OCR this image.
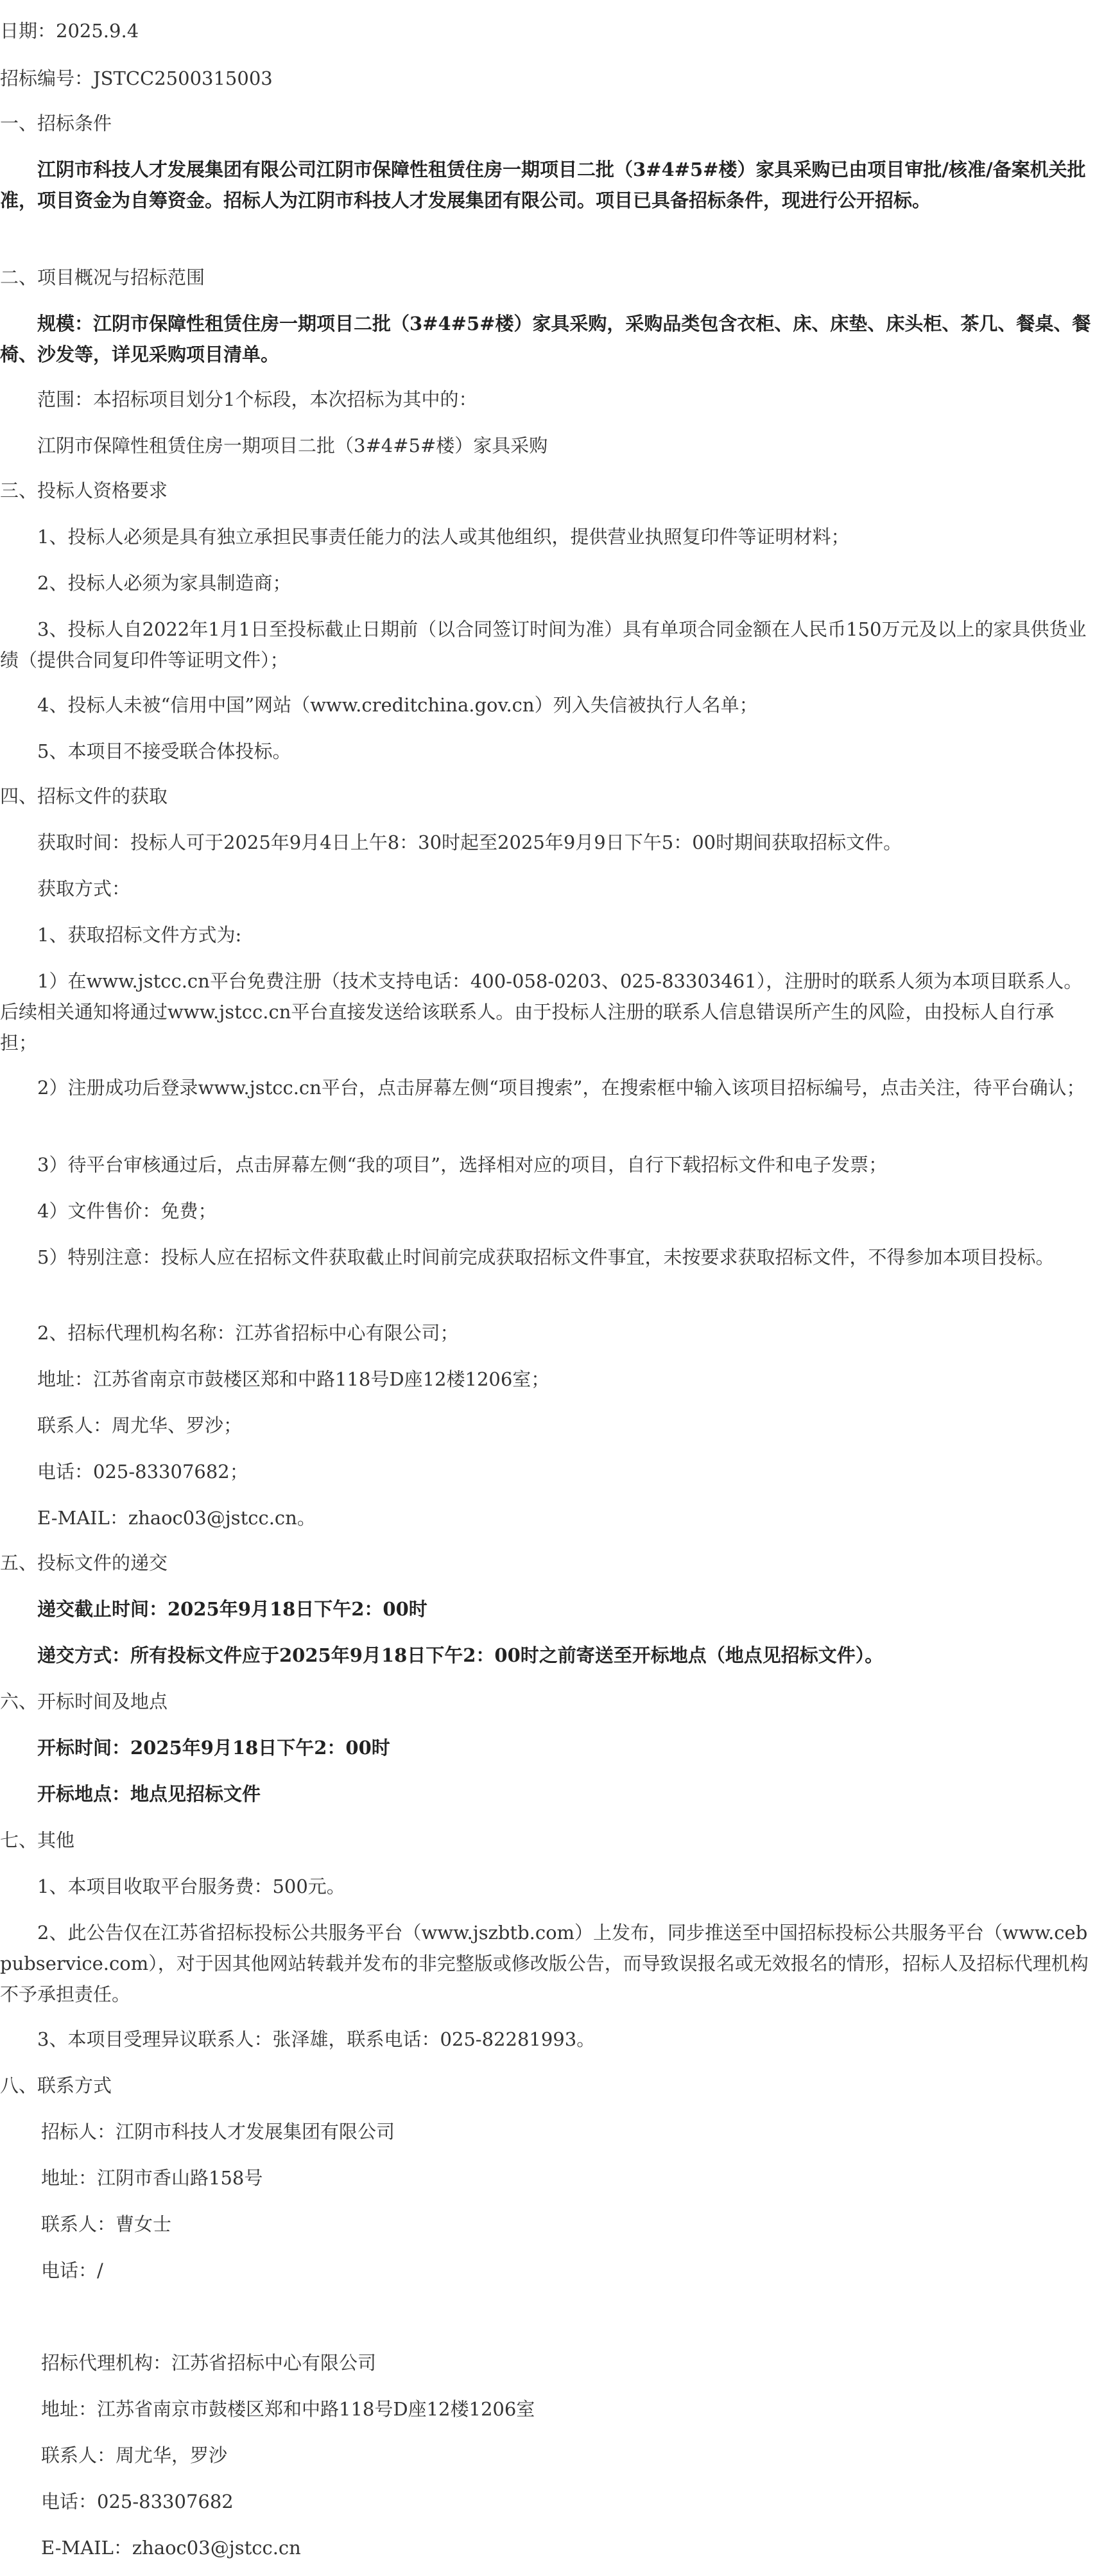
日期：2025.9.4

招标编号：JSTCC2500315003

一、招标条件

江阴市科技人才发展集团有限公司江阴市保障性租赁住房一期项目二批（3#4#5#楼）家具采购已由项目审批/核准/备案机关批准，项目资金为自筹资金。招标人为江阴市科技人才发展集团有限公司。项目已具备招标条件，现进行公开招标。

二、项目概况与招标范围

规模：江阴市保障性租赁住房一期项目二批（3#4#5#楼）家具采购，采购品类包含衣柜、床、床垫、床头柜、茶几、餐桌、餐椅、沙发等，详见采购项目清单。

范围：本招标项目划分1个标段，本次招标为其中的：

江阴市保障性租赁住房一期项目二批（3#4#5#楼）家具采购

三、投标人资格要求

1、投标人必须是具有独立承担民事责任能力的法人或其他组织，提供营业执照复印件等证明材料；

2、投标人必须为家具制造商；

3、投标人自2022年1月1日至投标截止日期前（以合同签订时间为准）具有单项合同金额在人民币150万元及以上的家具供货业绩（提供合同复印件等证明文件）；

4、投标人未被“信用中国”网站（www.creditchina.gov.cn）列入失信被执行人名单；

5、本项目不接受联合体投标。

四、招标文件的获取

获取时间：投标人可于2025年9月4日上午8：30时起至2025年9月9日下午5：00时期间获取招标文件。

获取方式：

1、获取招标文件方式为:

1）在www.jstcc.cn平台免费注册（技术支持电话：400-058-0203、025-83303461），注册时的联系人须为本项目联系人。后续相关通知将通过www.jstcc.cn平台直接发送给该联系人。由于投标人注册的联系人信息错误所产生的风险，由投标人自行承担；

2）注册成功后登录www.jstcc.cn平台，点击屏幕左侧“项目搜索”，在搜索框中输入该项目招标编号，点击关注，待平台确认；

3）待平台审核通过后，点击屏幕左侧“我的项目”，选择相对应的项目，自行下载招标文件和电子发票；

4）文件售价：免费；

5）特别注意：投标人应在招标文件获取截止时间前完成获取招标文件事宜，未按要求获取招标文件，不得参加本项目投标。

2、招标代理机构名称：江苏省招标中心有限公司；

地址：江苏省南京市鼓楼区郑和中路118号D座12楼1206室；

联系人：周尤华、罗沙；

电话：025-83307682；

E-MAIL：zhaoc03@jstcc.cn。

五、投标文件的递交

递交截止时间：2025年9月18日下午2：00时

递交方式：所有投标文件应于2025年9月18日下午2：00时之前寄送至开标地点（地点见招标文件）。

六、开标时间及地点

开标时间：2025年9月18日下午2：00时

开标地点：地点见招标文件

七、其他

1、本项目收取平台服务费：500元。

2、此公告仅在江苏省招标投标公共服务平台（www.jszbtb.com）上发布，同步推送至中国招标投标公共服务平台（www.cebpubservice.com），对于因其他网站转载并发布的非完整版或修改版公告，而导致误报名或无效报名的情形，招标人及招标代理机构不予承担责任。

3、本项目受理异议联系人：张泽雄，联系电话：025-82281993。

八、联系方式

招标人：江阴市科技人才发展集团有限公司

地址：江阴市香山路158号

联系人：曹女士

电话：/

招标代理机构：江苏省招标中心有限公司

地址：江苏省南京市鼓楼区郑和中路118号D座12楼1206室

联系人：周尤华，罗沙

电话：025-83307682

E-MAIL：zhaoc03@jstcc.cn
